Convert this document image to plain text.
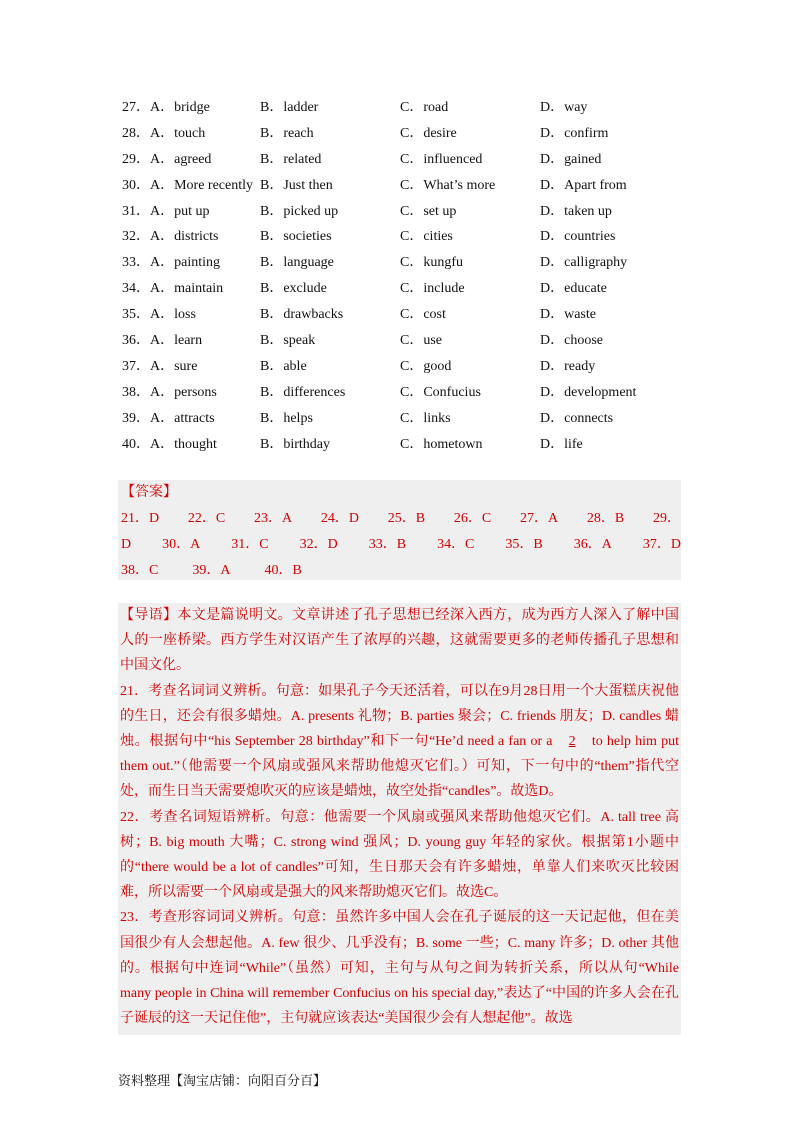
27．A．bridge	B．ladder	C．road	D．way
28．A．touch	B．reach	C．desire	D．confirm
29．A．agreed	B．related	C．influenced	D．gained
30．A．More recently B．Just then	C．What’s more	D．Apart from
31．A．put up	B．picked up	C．set up	D．taken up
32．A．districts	B．societies	C．cities	D．countries
33．A．painting	B．language	C．kungfu	D．calligraphy
34．A．maintain	B．exclude	C．include	D．educate
35．A．loss	B．drawbacks	C．cost	D．waste
36．A．learn	B．speak	C．use	D．choose
37．A．sure	B．able	C．good	D．ready
38．A．persons	B．differences	C．Confucius	D．development
39．A．attracts	B．helps	C．links	D．connects
40．A．thought	B．birthday	C．hometown	D．life
【答案】
21．D 22．C 23．A 24．D 25．B 26．C 27．A 28．B 29．
D 30．A 31．C 32．D 33．B 34．C 35．B 36．A 37．D
38．C 39．A 40．B

【导语】本文是篇说明文。文章讲述了孔子思想已经深入西方，成为西方人深入了解中国人的一座桥梁。西方学生对汉语产生了浓厚的兴趣，这就需要更多的老师传播孔子思想和中国文化。

21．考查名词词义辨析。句意：如果孔子今天还活着，可以在9月28日用一个大蛋糕庆祝他的生日，还会有很多蜡烛。A. presents 礼物；B. parties 聚会；C. friends 朋友；D. candles 蜡烛。根据句中“his September 28 birthday”和下一句“He’d need a fan or a 2 to help him put them out.”（他需要一个风扇或强风来帮助他熄灭它们。）可知，下一句中的“them”指代空处，而生日当天需要熄吹灭的应该是蜡烛，故空处指“candles”。故选D。

22．考查名词短语辨析。句意：他需要一个风扇或强风来帮助他熄灭它们。A. tall tree 高树；B. big mouth 大嘴；C. strong wind 强风；D. young guy 年轻的家伙。根据第1小题中的“there would be a lot of candles”可知，生日那天会有许多蜡烛，单靠人们来吹灭比较困难，所以需要一个风扇或是强大的风来帮助熄灭它们。故选C。

23．考查形容词词义辨析。句意：虽然许多中国人会在孔子诞辰的这一天记起他，但在美国很少有人会想起他。A. few 很少、几乎没有；B. some 一些；C. many 许多；D. other 其他的。根据句中连词“While”（虽然）可知，主句与从句之间为转折关系，所以从句“While many people in China will remember Confucius on his special day,”表达了“中国的许多人会在孔子诞辰的这一天记住他”，主句就应该表达“美国很少会有人想起他”。故选

资料整理【淘宝店铺：向阳百分百】
